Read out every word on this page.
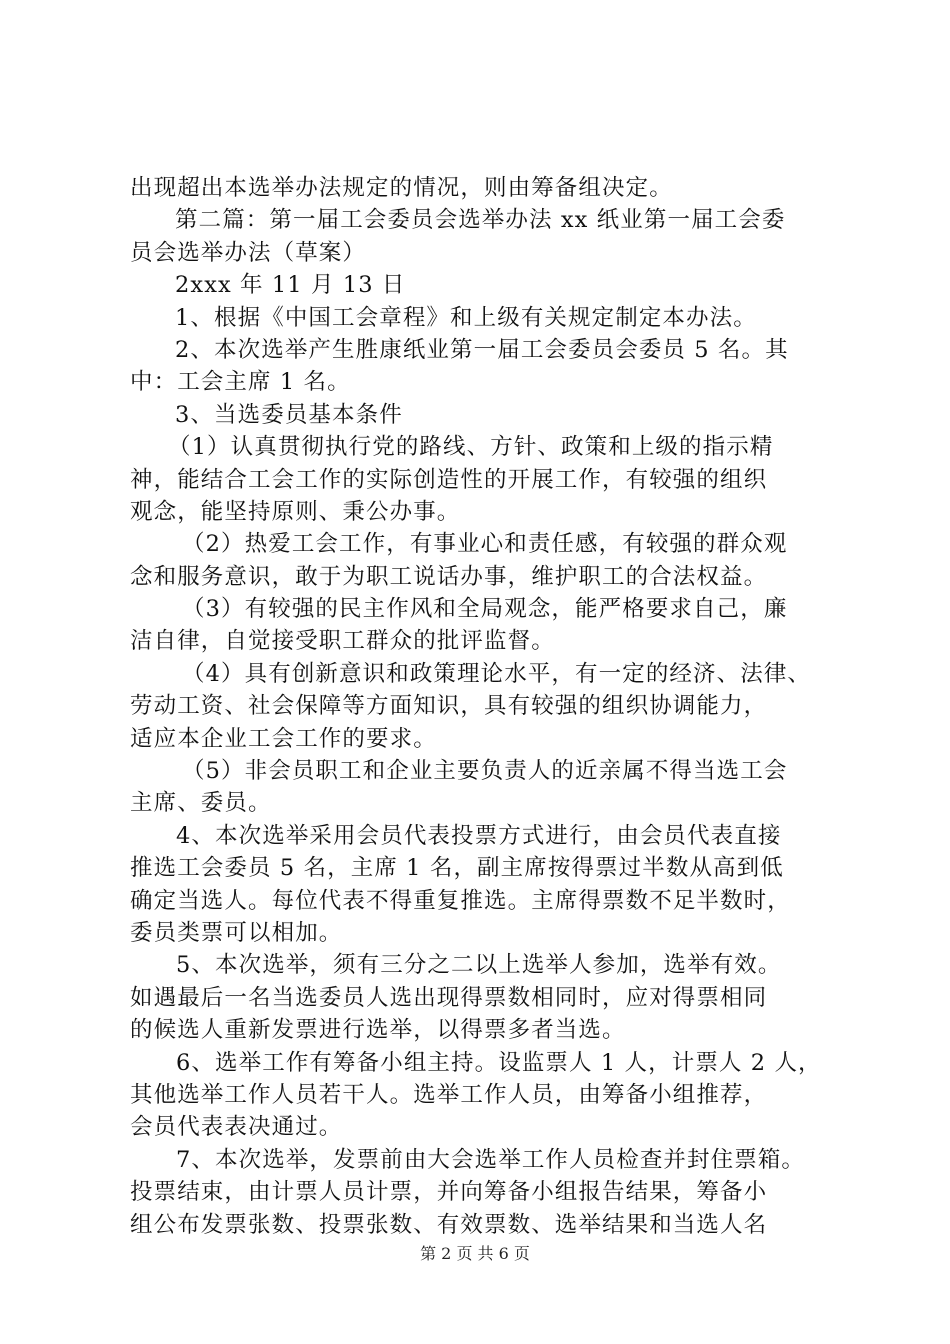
出现超出本选举办法规定的情况，则由筹备组决定。
第二篇：第一届工会委员会选举办法 xx 纸业第一届工会委
员会选举办法（草案）
2xxx 年 11 月 13 日
1、根据《中国工会章程》和上级有关规定制定本办法。
2、本次选举产生胜康纸业第一届工会委员会委员 5 名。其
中：工会主席 1 名。
3、当选委员基本条件
（1）认真贯彻执行党的路线、方针、政策和上级的指示精
神，能结合工会工作的实际创造性的开展工作，有较强的组织
观念，能坚持原则、秉公办事。
（2）热爱工会工作，有事业心和责任感，有较强的群众观
念和服务意识，敢于为职工说话办事，维护职工的合法权益。
（3）有较强的民主作风和全局观念，能严格要求自己，廉
洁自律，自觉接受职工群众的批评监督。
（4）具有创新意识和政策理论水平，有一定的经济、法律、
劳动工资、社会保障等方面知识，具有较强的组织协调能力，
适应本企业工会工作的要求。
（5）非会员职工和企业主要负责人的近亲属不得当选工会
主席、委员。
4、本次选举采用会员代表投票方式进行，由会员代表直接
推选工会委员 5 名，主席 1 名，副主席按得票过半数从高到低
确定当选人。每位代表不得重复推选。主席得票数不足半数时，
委员类票可以相加。
5、本次选举，须有三分之二以上选举人参加，选举有效。
如遇最后一名当选委员人选出现得票数相同时，应对得票相同
的候选人重新发票进行选举，以得票多者当选。
6、选举工作有筹备小组主持。设监票人 1 人，计票人 2 人，
其他选举工作人员若干人。选举工作人员，由筹备小组推荐，
会员代表表决通过。
7、本次选举，发票前由大会选举工作人员检查并封住票箱。
投票结束，由计票人员计票，并向筹备小组报告结果，筹备小
组公布发票张数、投票张数、有效票数、选举结果和当选人名
第 2 页 共 6 页
